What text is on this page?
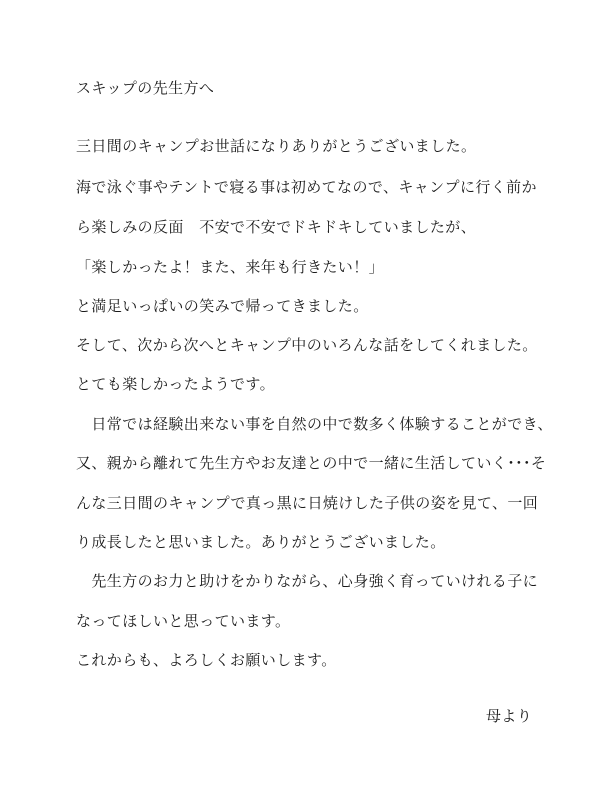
スキップの先生方へ
三日間のキャンプお世話になりありがとうございました。
海で泳ぐ事やテントで寝る事は初めてなので、キャンプに行く前か
ら楽しみの反面　不安で不安でドキドキしていましたが、
「楽しかったよ！また、来年も行きたい！」
と満足いっぱいの笑みで帰ってきました。
そして、次から次へとキャンプ中のいろんな話をしてくれました。
とても楽しかったようです。
　日常では経験出来ない事を自然の中で数多く体験することができ、
又、親から離れて先生方やお友達との中で一緒に生活していく･･･そ
んな三日間のキャンプで真っ黒に日焼けした子供の姿を見て、一回
り成長したと思いました。ありがとうございました。
　先生方のお力と助けをかりながら、心身強く育っていけれる子に
なってほしいと思っています。
これからも、よろしくお願いします。
母より
